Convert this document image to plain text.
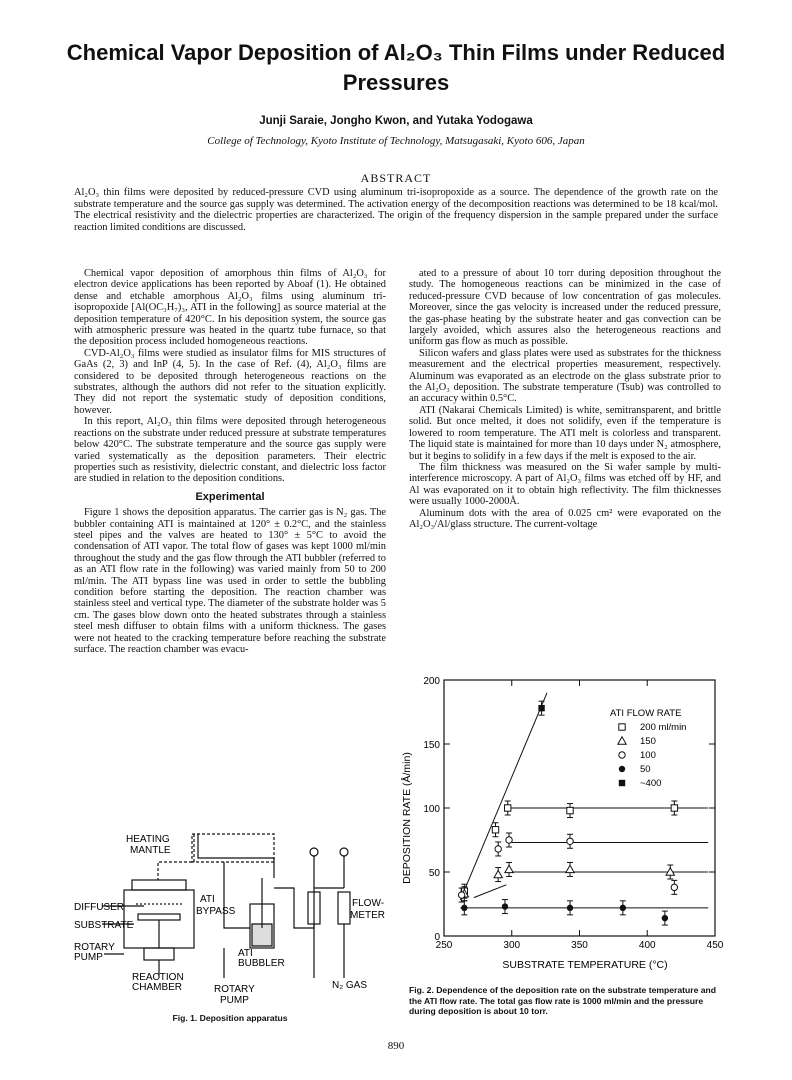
Chemical Vapor Deposition of Al₂O₃ Thin Films under Reduced
Pressures
Junji Saraie, Jongho Kwon, and Yutaka Yodogawa
College of Technology, Kyoto Institute of Technology, Matsugasaki, Kyoto 606, Japan
ABSTRACT
Al₂O₃ thin films were deposited by reduced-pressure CVD using aluminum tri-isopropoxide as a source. The dependence of the growth rate on the substrate temperature and the source gas supply was determined. The activation energy of the decomposition reactions was determined to be 18 kcal/mol. The electrical resistivity and the dielectric properties are characterized. The origin of the frequency dispersion in the sample prepared under the surface reaction limited conditions are discussed.

Chemical vapor deposition of amorphous thin films of Al₂O₃ for electron device applications has been reported by Aboaf (1). He obtained dense and etchable amorphous Al₂O₃ films using aluminum tri-isopropoxide [Al(OC₃H₇)₃, ATI in the following] as source material at the deposition temperature of 420°C. In his deposition system, the source gas with atmospheric pressure was heated in the quartz tube furnace, so that the deposition process included homogeneous reactions.

CVD-Al₂O₃ films were studied as insulator films for MIS structures of GaAs (2, 3) and InP (4, 5). In the case of Ref. (4), Al₂O₃ films are considered to be deposited through heterogeneous reactions on the substrates, although the authors did not refer to the situation explicitly. They did not report the systematic study of deposition conditions, however.

In this report, Al₂O₃ thin films were deposited through heterogeneous reactions on the substrate under reduced pressure at substrate temperatures below 420°C. The substrate temperature and the source gas supply were varied systematically as the deposition parameters. Their electric properties such as resistivity, dielectric constant, and dielectric loss factor are studied in relation to the deposition conditions.

Experimental

Figure 1 shows the deposition apparatus. The carrier gas is N₂ gas. The bubbler containing ATI is maintained at 120° ± 0.2°C, and the stainless steel pipes and the valves are heated to 130° ± 5°C to avoid the condensation of ATI vapor. The total flow of gases was kept 1000 ml/min throughout the study and the gas flow through the ATI bubbler (referred to as an ATI flow rate in the following) was varied mainly from 50 to 200 ml/min. The ATI bypass line was used in order to settle the bubbling condition before starting the deposition. The reaction chamber was stainless steel and vertical type. The diameter of the substrate holder was 5 cm. The gases blow down onto the heated substrates through a stainless steel mesh diffuser to obtain films with a uniform thickness. The gases were not heated to the cracking temperature before reaching the substrate surface. The reaction chamber was evacu-

ated to a pressure of about 10 torr during deposition throughout the study. The homogeneous reactions can be minimized in the case of reduced-pressure CVD because of low concentration of gas molecules. Moreover, since the gas velocity is increased under the reduced pressure, the gas-phase heating by the substrate heater and gas convection can be largely avoided, which assures also the heterogeneous reactions and uniform gas flow as much as possible.

Silicon wafers and glass plates were used as substrates for the thickness measurement and the electrical properties measurement, respectively. Aluminum was evaporated as an electrode on the glass substrate prior to the Al₂O₃ deposition. The substrate temperature (Tsub) was controlled to an accuracy within 0.5°C.

ATI (Nakarai Chemicals Limited) is white, semitransparent, and brittle solid. But once melted, it does not solidify, even if the temperature is lowered to room temperature. The ATI melt is colorless and transparent. The liquid state is maintained for more than 10 days under N₂ atmosphere, but it begins to solidify in a few days if the melt is exposed to the air.

The film thickness was measured on the Si wafer sample by multi-interference microscopy. A part of Al₂O₃ films was etched off by HF, and Al was evaporated on it to obtain high reflectivity. The film thicknesses were usually 1000-2000Å.

Aluminum dots with the area of 0.025 cm² were evaporated on the Al₂O₃/Al/glass structure. The current-voltage

HEATING
MANTLE
DIFFUSER
SUBSTRATE
ATI
BYPASS
FLOW-
METER
ROTARY
PUMP	ATI
BUBBLER
REACTION
CHAMBER	ROTARY
PUMP
N₂ GAS
Fig. 1. Deposition apparatus
250	300	350	400	450
0
50
100
150
200
ATI FLOW RATE
200 ml/min
150
100
50
~400
SUBSTRATE TEMPERATURE (°C)
DEPOSITION RATE (Å/min)
Fig. 2. Dependence of the deposition rate on the substrate temperature and the ATI flow rate. The total gas flow rate is 1000 ml/min and the pressure during deposition is about 10 torr.
890
